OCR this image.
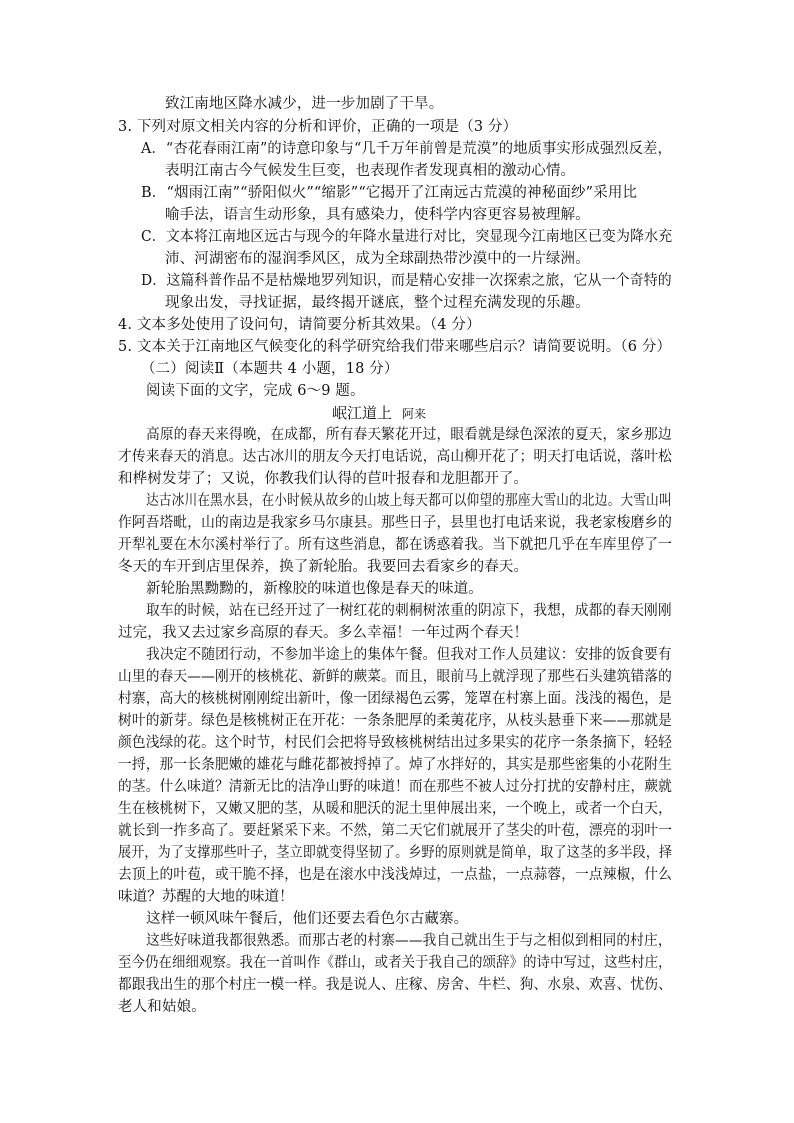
致江南地区降水减少，进一步加剧了干旱。
3. 下列对原文相关内容的分析和评价，正确的一项是（3 分）
A．“杏花春雨江南”的诗意印象与“几千万年前曾是荒漠”的地质事实形成强烈反差，
表明江南古今气候发生巨变，也表现作者发现真相的激动心情。
B．“烟雨江南”“骄阳似火”“缩影”“它揭开了江南远古荒漠的神秘面纱”采用比
喻手法，语言生动形象，具有感染力，使科学内容更容易被理解。
C．文本将江南地区远古与现今的年降水量进行对比，突显现今江南地区已变为降水充
沛、河湖密布的湿润季风区，成为全球副热带沙漠中的一片绿洲。
D．这篇科普作品不是枯燥地罗列知识，而是精心安排一次探索之旅，它从一个奇特的
现象出发，寻找证据，最终揭开谜底，整个过程充满发现的乐趣。
4. 文本多处使用了设问句，请简要分析其效果。（4 分）
5. 文本关于江南地区气候变化的科学研究给我们带来哪些启示？请简要说明。（6 分）
（二）阅读Ⅱ（本题共 4 小题，18 分）
阅读下面的文字，完成 6～9 题。
岷江道上 阿来
高原的春天来得晚，在成都，所有春天繁花开过，眼看就是绿色深浓的夏天，家乡那边
才传来春天的消息。达古冰川的朋友今天打电话说，高山柳开花了；明天打电话说，落叶松
和桦树发芽了；又说，你教我们认得的苣叶报春和龙胆都开了。
达古冰川在黑水县，在小时候从故乡的山坡上每天都可以仰望的那座大雪山的北边。大雪山叫
作阿吾塔毗，山的南边是我家乡马尔康县。那些日子，县里也打电话来说，我老家梭磨乡的
开犁礼要在木尔溪村举行了。所有这些消息，都在诱惑着我。当下就把几乎在车库里停了一
冬天的车开到店里保养，换了新轮胎。我要回去看家乡的春天。
新轮胎黑黝黝的，新橡胶的味道也像是春天的味道。
取车的时候，站在已经开过了一树红花的刺桐树浓重的阴凉下，我想，成都的春天刚刚
过完，我又去过家乡高原的春天。多么幸福！一年过两个春天！
我决定不随团行动，不参加半途上的集体午餐。但我对工作人员建议：安排的饭食要有
山里的春天——刚开的核桃花、新鲜的蕨菜。而且，眼前马上就浮现了那些石头建筑错落的
村寨，高大的核桃树刚刚绽出新叶，像一团绿褐色云雾，笼罩在村寨上面。浅浅的褐色，是
树叶的新芽。绿色是核桃树正在开花：一条条肥厚的柔荑花序，从枝头悬垂下来——那就是
颜色浅绿的花。这个时节，村民们会把将导致核桃树结出过多果实的花序一条条摘下，轻轻
一捋，那一长条肥嫩的雄花与雌花都被捋掉了。焯了水拌好的，其实是那些密集的小花附生
的茎。什么味道？清新无比的洁净山野的味道！而在那些不被人过分打扰的安静村庄，蕨就
生在核桃树下，又嫩又肥的茎，从暖和肥沃的泥土里伸展出来，一个晚上，或者一个白天，
就长到一拃多高了。要赶紧采下来。不然，第二天它们就展开了茎尖的叶苞，漂亮的羽叶一
展开，为了支撑那些叶子，茎立即就变得坚韧了。乡野的原则就是简单，取了这茎的多半段，择
去顶上的叶苞，或干脆不择，也是在滚水中浅浅焯过，一点盐，一点蒜蓉，一点辣椒，什么
味道？苏醒的大地的味道！
这样一顿风味午餐后，他们还要去看色尔古藏寨。
这些好味道我都很熟悉。而那古老的村寨——我自己就出生于与之相似到相同的村庄，
至今仍在细细观察。我在一首叫作《群山，或者关于我自己的颂辞》的诗中写过，这些村庄，
都跟我出生的那个村庄一模一样。我是说人、庄稼、房舍、牛栏、狗、水泉、欢喜、忧伤、
老人和姑娘。
